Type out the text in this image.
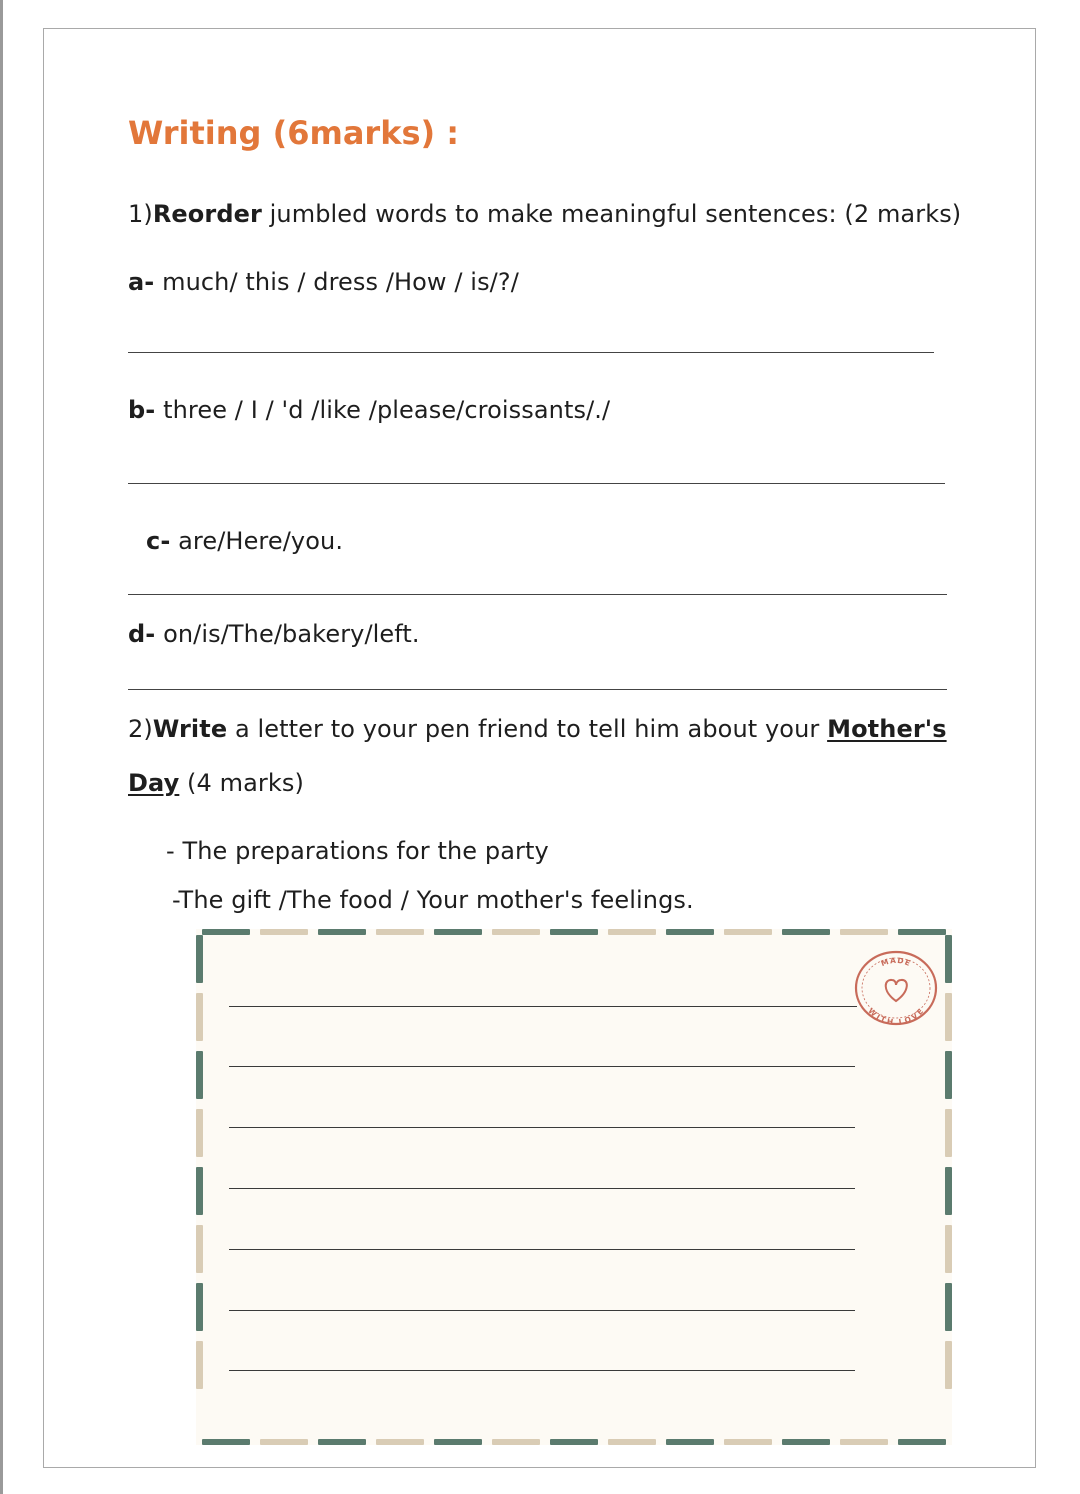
Writing (6marks) :
1)Reorder jumbled words to make meaningful sentences: (2 marks)
a- much/ this / dress /How / is/?/
b- three / I / 'd /like /please/croissants/./
c- are/Here/you.
d- on/is/The/bakery/left.
2)Write a letter to your pen friend to tell him about your Mother's
Day (4 marks)
- The preparations for the party
-The gift /The food / Your mother's feelings.
MADE
WITH LOVE
